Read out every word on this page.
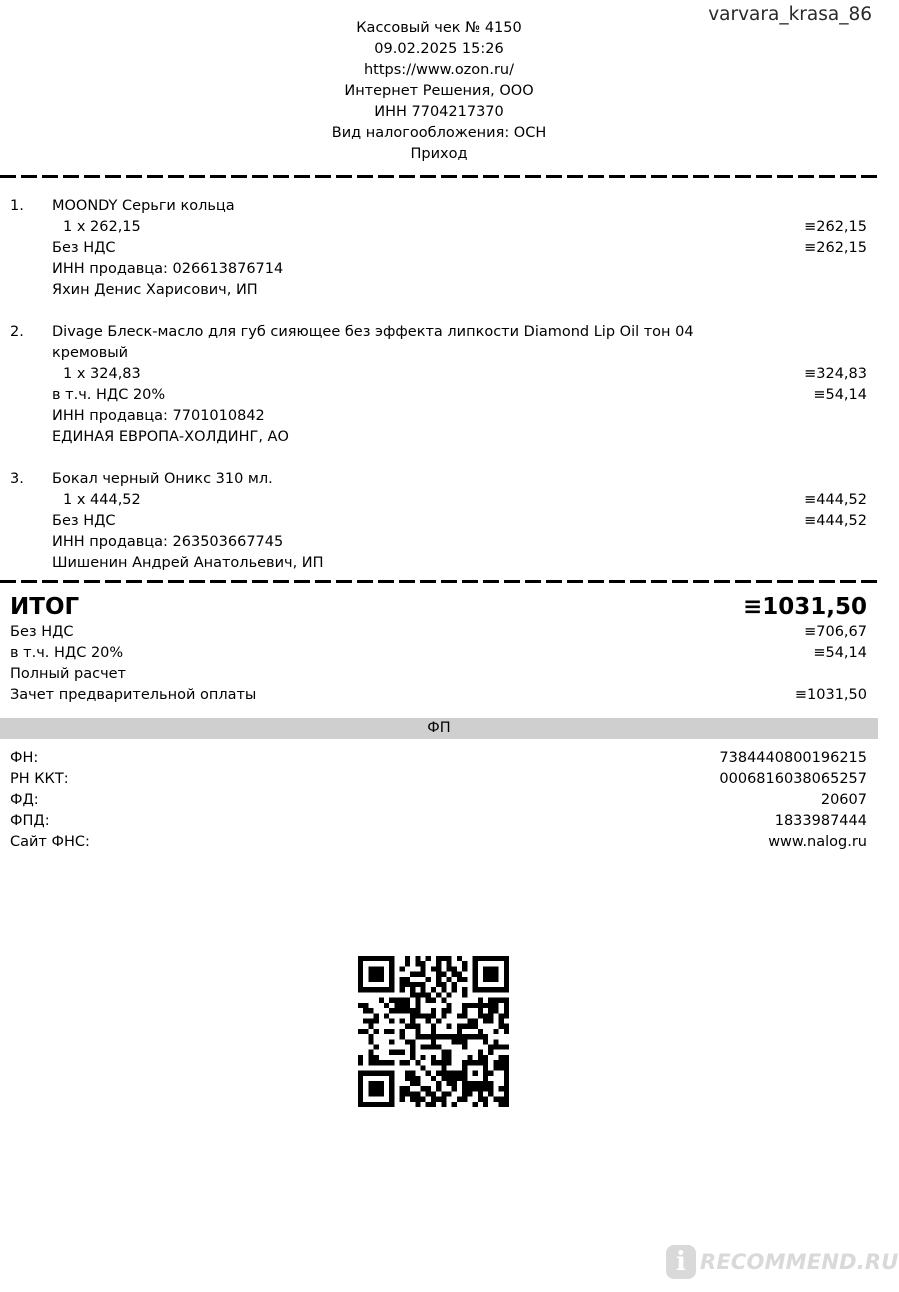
varvara_krasa_86
Кассовый чек № 4150
09.02.2025 15:26
https://www.ozon.ru/
Интернет Решения, ООО
ИНН 7704217370
Вид налогообложения: ОСН
Приход
1. MOONDY Серьги кольца
1 x 262,15	≡262,15
Без НДС	≡262,15
ИНН продавца: 026613876714
Яхин Денис Харисович, ИП
2. Divage Блеск-масло для губ сияющее без эффекта липкости Diamond Lip Oil тон 04
кремовый
1 x 324,83	≡324,83
в т.ч. НДС 20%	≡54,14
ИНН продавца: 7701010842
ЕДИНАЯ ЕВРОПА-ХОЛДИНГ, АО
3. Бокал черный Оникс 310 мл.
1 x 444,52	≡444,52
Без НДС	≡444,52
ИНН продавца: 263503667745
Шишенин Андрей Анатольевич, ИП
ИТОГ	≡1031,50
Без НДС	≡706,67
в т.ч. НДС 20%	≡54,14
Полный расчет
Зачет предварительной оплаты	≡1031,50
ФП
ФН:	7384440800196215
РН ККТ:	0006816038065257
ФД:	20607
ФПД:	1833987444
Сайт ФНС:	www.nalog.ru
i RECOMMEND.RU
